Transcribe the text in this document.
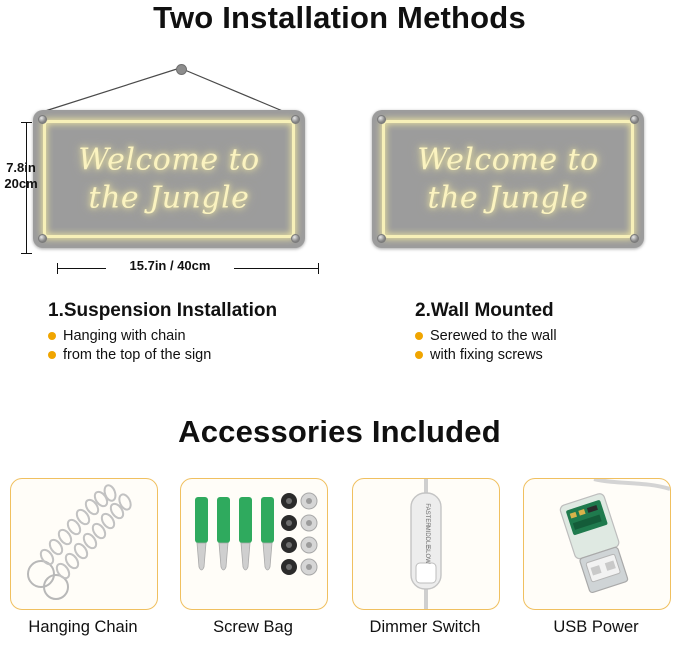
Two Installation Methods
Welcome to
the Jungle
Welcome to
the Jungle
7.8in
20cm
15.7in / 40cm
1.Suspension Installation
Hanging with chain
from the top of the sign
2.Wall Mounted
Serewed to the wall
with fixing screws
Accessories Included
Hanging Chain	Screw Bag
FASTER
MIDDLE
SLOW
Dimmer Switch	USB Power
